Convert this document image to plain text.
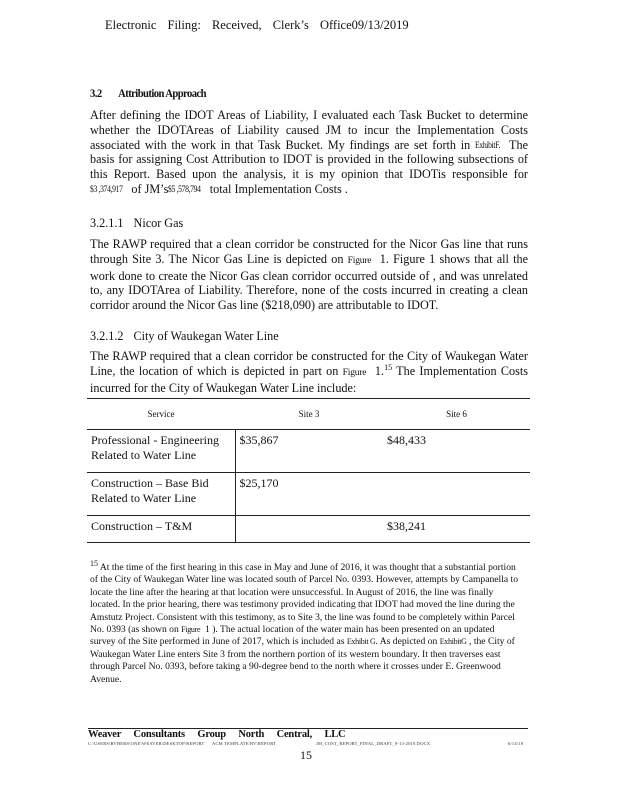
Electronic Filing: Received, Clerk’s Office09/13/2019
3.2 Attribution Approach
After defining the IDOT Areas of Liability, I evaluated each Task Bucket to determine whether the IDOTAreas of Liability caused JM to incur the Implementation Costs associated with the work in that Task Bucket. My findings are set forth in ExhibitF. The basis for assigning Cost Attribution to IDOT is provided in the following subsections of this Report. Based upon the analysis, it is my opinion that IDOTis responsible for $3 ,374,917 of JM’s$5 ,578,794 total Implementation Costs .
3.2.1.1 Nicor Gas
The RAWP required that a clean corridor be constructed for the Nicor Gas line that runs through Site 3. The Nicor Gas Line is depicted on Figure 1. Figure 1 shows that all the work done to create the Nicor Gas clean corridor occurred outside of , and was unrelated to, any IDOTArea of Liability. Therefore, none of the costs incurred in creating a clean corridor around the Nicor Gas line ($218,090) are attributable to IDOT.
3.2.1.2 City of Waukegan Water Line
The RAWP required that a clean corridor be constructed for the City of Waukegan Water Line, the location of which is depicted in part on Figure 1.15 The Implementation Costs incurred for the City of Waukegan Water Line include:
Service	Site 3	Site 6
Professional - Engineering Related to Water Line	$35,867	$48,433
Construction – Base Bid Related to Water Line	$25,170	
Construction – T&M		$38,241
$^{15}$ At the time of the first hearing in this case in May and June of 2016, it was thought that a substantial portion of the City of Waukegan Water line was located south of Parcel No. 0393. However, attempts by Campanella to locate the line after the hearing at that location were unsuccessful. In August of 2016, the line was finally located. In the prior hearing, there was testimony provided indicating that IDOT had moved the line during the Amstutz Project. Consistent with this testimony, as to Site 3, the line was found to be completely within Parcel No. 0393 (as shown on Figure 1 ). The actual location of the water main has been presented on an updated survey of the Site performed in June of 2017, which is included as Exhibit G. As depicted on ExhibitG , the City of Waukegan Water Line enters Site 3 from the northern portion of its western boundary. It then traverses east through Parcel No. 0393, before taking a 90-degree bend to the north where it crosses under E. Greenwood Avenue.
Weaver Consultants Group North Central, LLC
C:\USERS\RVHERS\ONE\WEAVER\DESKTOP\REPORT ACM TEMPLATE\RV\REPORT	JM_COST_REPORT_FINAL_DRAFT_9-13-2019.DOCX	6/14/18
15
